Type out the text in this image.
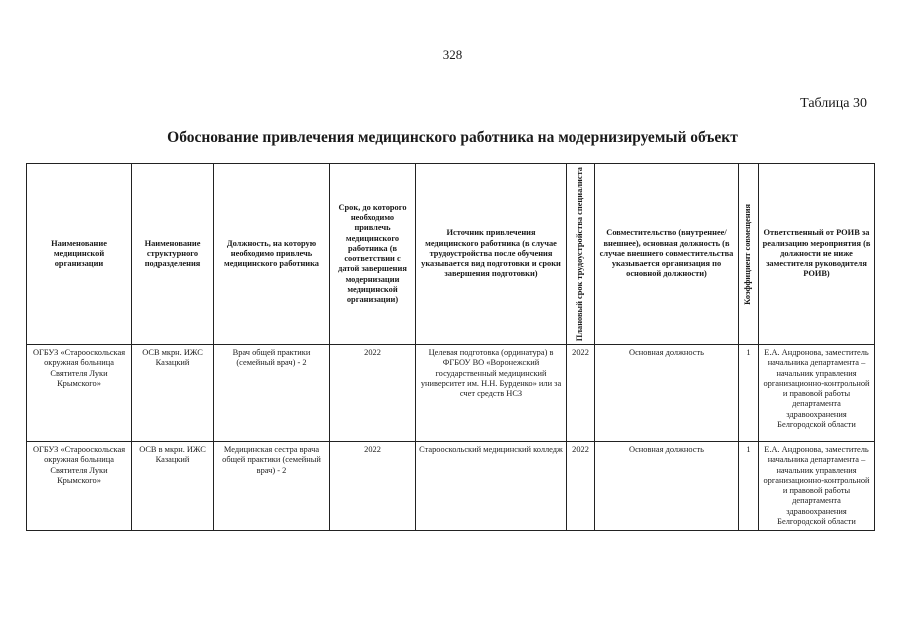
328
Таблица 30
Обоснование привлечения медицинского работника на модернизируемый объект
Наименование медицинской организации	Наименование структурного подразделения	Должность, на которую необходимо привлечь медицинского работника	Срок, до которого необходимо привлечь медицинского работника (в соответствии с датой завершения модернизации медицинской организации)	Источник привлечения медицинского работника (в случае трудоустройства после обучения указывается вид подготовки и сроки завершения подготовки)	Плановый срок трудоустройства специалиста	Совместительство (внутреннее/ внешнее), основная должность (в случае внешнего совместительства указывается организация по основной должности)	Коэффициент совмещения	Ответственный от РОИВ за реализацию мероприятия (в должности не ниже заместителя руководителя РОИВ)
ОГБУЗ «Старооскольская окружная больница Святителя Луки Крымского»	ОСВ мкрн. ИЖС Казацкий	Врач общей практики (семейный врач) - 2	2022	Целевая подготовка (ординатура) в ФГБОУ ВО «Воронежский государственный медицинский университет им. Н.Н. Бурденко» или за счет средств НСЗ	2022	Основная должность	1	Е.А. Андронова, заместитель начальника департамента – начальник управления организационно-контрольной и правовой работы департамента здравоохранения Белгородской области
ОГБУЗ «Старооскольская окружная больница Святителя Луки Крымского»	ОСВ в мкрн. ИЖС Казацкий	Медицинская сестра врача общей практики (семейный врач) - 2	2022	Старооскольский медицинский колледж	2022	Основная должность	1	Е.А. Андронова, заместитель начальника департамента – начальник управления организационно-контрольной и правовой работы департамента здравоохранения Белгородской области
